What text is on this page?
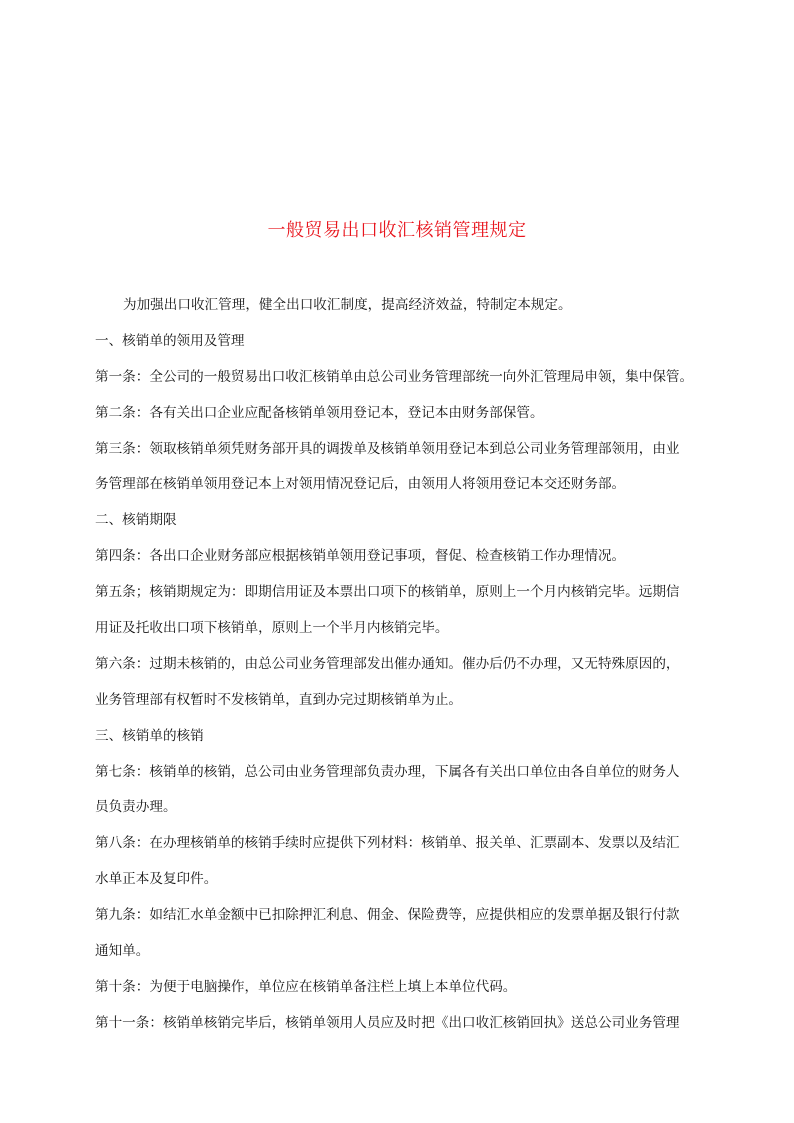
一般贸易出口收汇核销管理规定
为加强出口收汇管理，健全出口收汇制度，提高经济效益，特制定本规定。
一、核销单的领用及管理
第一条：全公司的一般贸易出口收汇核销单由总公司业务管理部统一向外汇管理局申领，集中保管。
第二条：各有关出口企业应配备核销单领用登记本，登记本由财务部保管。
第三条：领取核销单须凭财务部开具的调拨单及核销单领用登记本到总公司业务管理部领用，由业
务管理部在核销单领用登记本上对领用情况登记后，由领用人将领用登记本交还财务部。
二、核销期限
第四条：各出口企业财务部应根据核销单领用登记事项，督促、检查核销工作办理情况。
第五条；核销期规定为：即期信用证及本票出口项下的核销单，原则上一个月内核销完毕。远期信
用证及托收出口项下核销单，原则上一个半月内核销完毕。
第六条：过期未核销的，由总公司业务管理部发出催办通知。催办后仍不办理，又无特殊原因的，
业务管理部有权暂时不发核销单，直到办完过期核销单为止。
三、核销单的核销
第七条：核销单的核销，总公司由业务管理部负责办理，下属各有关出口单位由各自单位的财务人
员负责办理。
第八条：在办理核销单的核销手续时应提供下列材料：核销单、报关单、汇票副本、发票以及结汇
水单正本及复印件。
第九条：如结汇水单金额中已扣除押汇利息、佣金、保险费等，应提供相应的发票单据及银行付款
通知单。
第十条：为便于电脑操作，单位应在核销单备注栏上填上本单位代码。
第十一条：核销单核销完毕后，核销单领用人员应及时把《出口收汇核销回执》送总公司业务管理
